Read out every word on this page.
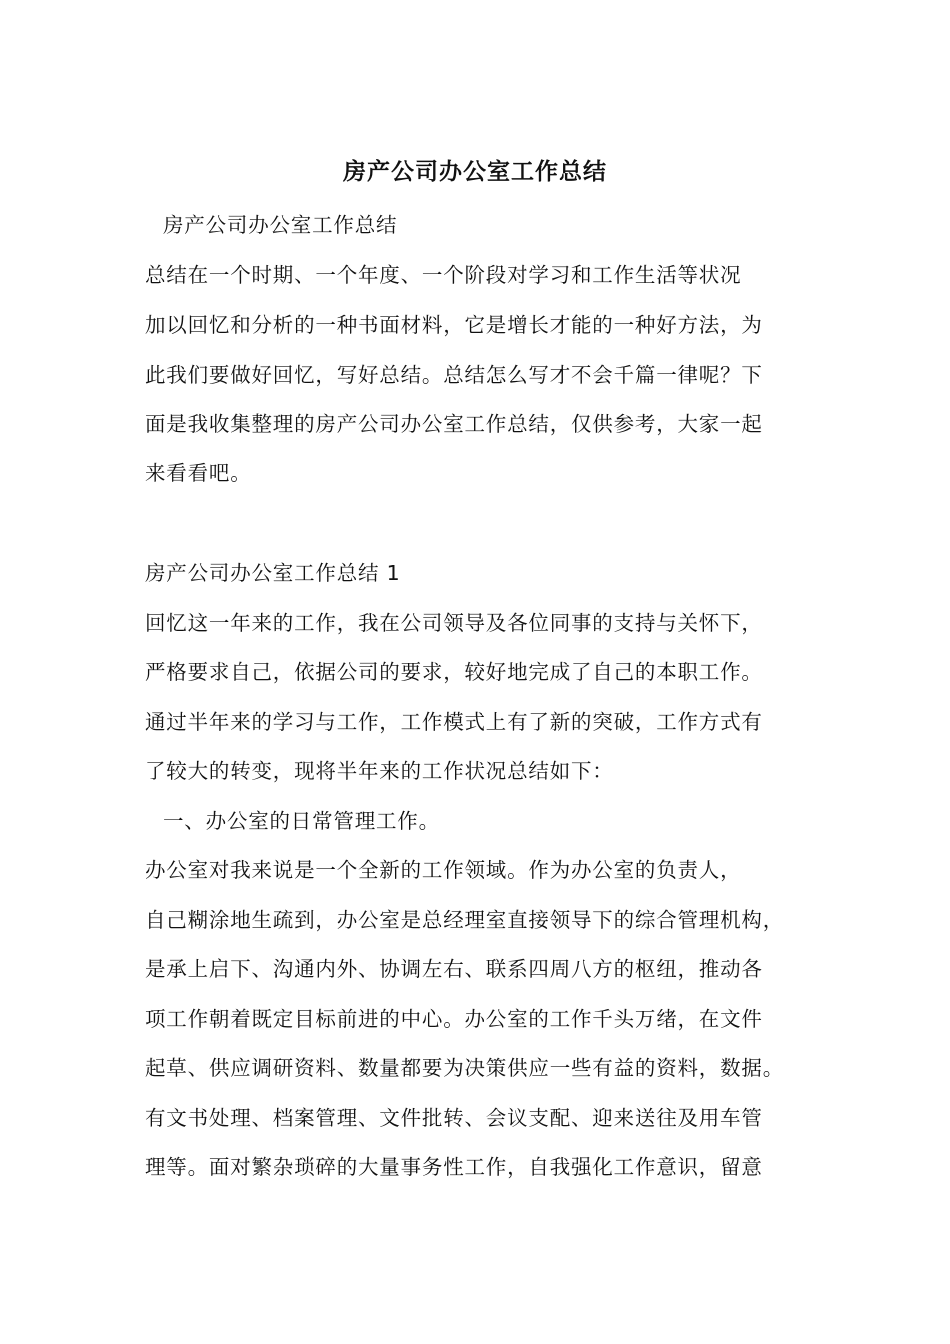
房产公司办公室工作总结
房产公司办公室工作总结
总结在一个时期、一个年度、一个阶段对学习和工作生活等状况
加以回忆和分析的一种书面材料，它是增长才能的一种好方法，为
此我们要做好回忆，写好总结。总结怎么写才不会千篇一律呢？下
面是我收集整理的房产公司办公室工作总结，仅供参考，大家一起
来看看吧。
房产公司办公室工作总结 1
回忆这一年来的工作，我在公司领导及各位同事的支持与关怀下，
严格要求自己，依据公司的要求，较好地完成了自己的本职工作。
通过半年来的学习与工作，工作模式上有了新的突破，工作方式有
了较大的转变，现将半年来的工作状况总结如下：
一、办公室的日常管理工作。
办公室对我来说是一个全新的工作领域。作为办公室的负责人，
自己糊涂地生疏到，办公室是总经理室直接领导下的综合管理机构，
是承上启下、沟通内外、协调左右、联系四周八方的枢纽，推动各
项工作朝着既定目标前进的中心。办公室的工作千头万绪，在文件
起草、供应调研资料、数量都要为决策供应一些有益的资料，数据。
有文书处理、档案管理、文件批转、会议支配、迎来送往及用车管
理等。面对繁杂琐碎的大量事务性工作，自我强化工作意识，留意
